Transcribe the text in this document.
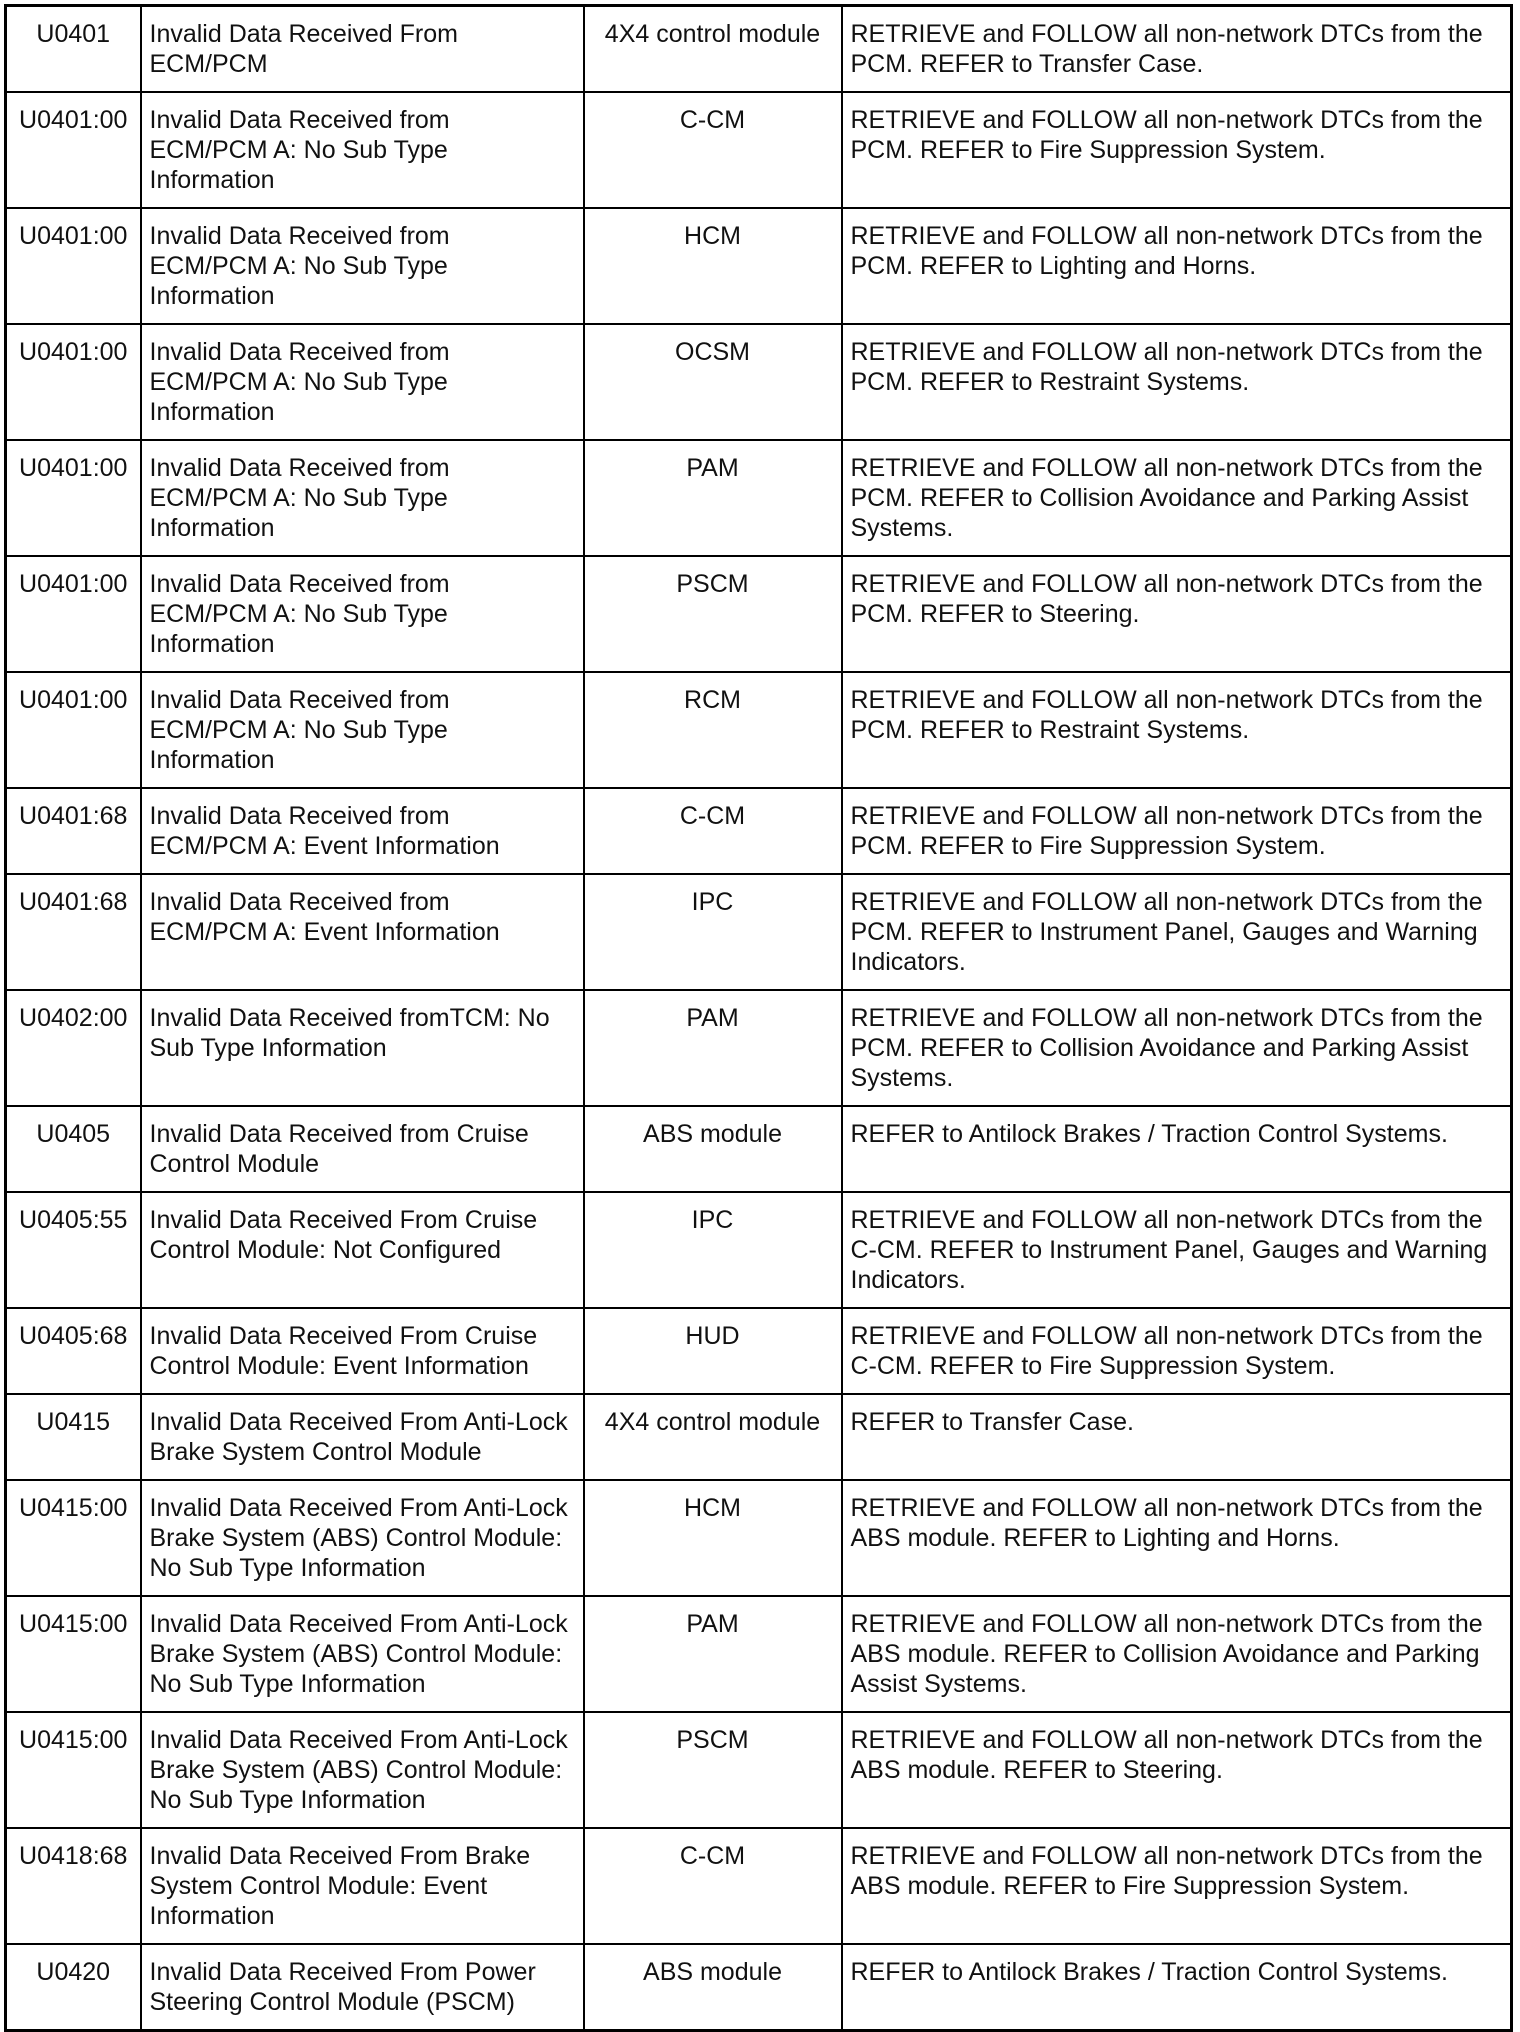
U0401	Invalid Data Received From ECM/PCM	4X4 control module	RETRIEVE and FOLLOW all non-network DTCs from the PCM. REFER to Transfer Case.
U0401:00	Invalid Data Received from ECM/PCM A: No Sub Type Information	C-CM	RETRIEVE and FOLLOW all non-network DTCs from the PCM. REFER to Fire Suppression System.
U0401:00	Invalid Data Received from ECM/PCM A: No Sub Type Information	HCM	RETRIEVE and FOLLOW all non-network DTCs from the PCM. REFER to Lighting and Horns.
U0401:00	Invalid Data Received from ECM/PCM A: No Sub Type Information	OCSM	RETRIEVE and FOLLOW all non-network DTCs from the PCM. REFER to Restraint Systems.
U0401:00	Invalid Data Received from ECM/PCM A: No Sub Type Information	PAM	RETRIEVE and FOLLOW all non-network DTCs from the PCM. REFER to Collision Avoidance and Parking Assist Systems.
U0401:00	Invalid Data Received from ECM/PCM A: No Sub Type Information	PSCM	RETRIEVE and FOLLOW all non-network DTCs from the PCM. REFER to Steering.
U0401:00	Invalid Data Received from ECM/PCM A: No Sub Type Information	RCM	RETRIEVE and FOLLOW all non-network DTCs from the PCM. REFER to Restraint Systems.
U0401:68	Invalid Data Received from ECM/PCM A: Event Information	C-CM	RETRIEVE and FOLLOW all non-network DTCs from the PCM. REFER to Fire Suppression System.
U0401:68	Invalid Data Received from ECM/PCM A: Event Information	IPC	RETRIEVE and FOLLOW all non-network DTCs from the PCM. REFER to Instrument Panel, Gauges and Warning Indicators.
U0402:00	Invalid Data Received fromTCM: No Sub Type Information	PAM	RETRIEVE and FOLLOW all non-network DTCs from the PCM. REFER to Collision Avoidance and Parking Assist Systems.
U0405	Invalid Data Received from Cruise Control Module	ABS module	REFER to Antilock Brakes / Traction Control Systems.
U0405:55	Invalid Data Received From Cruise Control Module: Not Configured	IPC	RETRIEVE and FOLLOW all non-network DTCs from the C-CM. REFER to Instrument Panel, Gauges and Warning Indicators.
U0405:68	Invalid Data Received From Cruise Control Module: Event Information	HUD	RETRIEVE and FOLLOW all non-network DTCs from the C-CM. REFER to Fire Suppression System.
U0415	Invalid Data Received From Anti-Lock Brake System Control Module	4X4 control module	REFER to Transfer Case.
U0415:00	Invalid Data Received From Anti-Lock Brake System (ABS) Control Module: No Sub Type Information	HCM	RETRIEVE and FOLLOW all non-network DTCs from the ABS module. REFER to Lighting and Horns.
U0415:00	Invalid Data Received From Anti-Lock Brake System (ABS) Control Module: No Sub Type Information	PAM	RETRIEVE and FOLLOW all non-network DTCs from the ABS module. REFER to Collision Avoidance and Parking Assist Systems.
U0415:00	Invalid Data Received From Anti-Lock Brake System (ABS) Control Module: No Sub Type Information	PSCM	RETRIEVE and FOLLOW all non-network DTCs from the ABS module. REFER to Steering.
U0418:68	Invalid Data Received From Brake System Control Module: Event Information	C-CM	RETRIEVE and FOLLOW all non-network DTCs from the ABS module. REFER to Fire Suppression System.
U0420	Invalid Data Received From Power Steering Control Module (PSCM)	ABS module	REFER to Antilock Brakes / Traction Control Systems.
